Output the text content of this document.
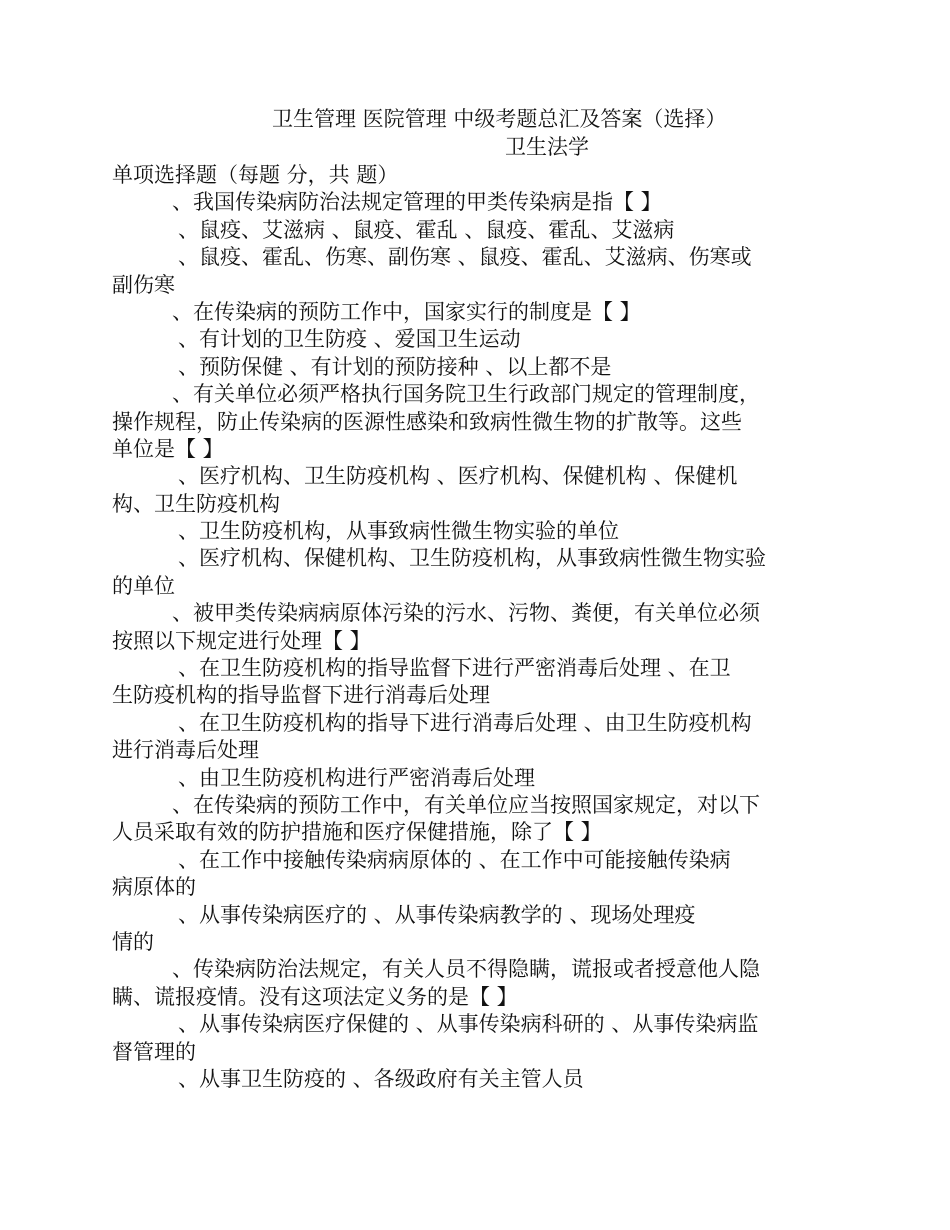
卫生管理 医院管理 中级考题总汇及答案（选择）
卫生法学
单项选择题（每题 分，共 题）
、我国传染病防治法规定管理的甲类传染病是指【 】
、鼠疫、艾滋病 、鼠疫、霍乱 、鼠疫、霍乱、艾滋病
、鼠疫、霍乱、伤寒、副伤寒 、鼠疫、霍乱、艾滋病、伤寒或
副伤寒
、在传染病的预防工作中，国家实行的制度是【 】
、有计划的卫生防疫 、爱国卫生运动
、预防保健 、有计划的预防接种 、以上都不是
、有关单位必须严格执行国务院卫生行政部门规定的管理制度，
操作规程，防止传染病的医源性感染和致病性微生物的扩散等。这些
单位是【 】
、医疗机构、卫生防疫机构 、医疗机构、保健机构 、保健机
构、卫生防疫机构
、卫生防疫机构，从事致病性微生物实验的单位
、医疗机构、保健机构、卫生防疫机构，从事致病性微生物实验
的单位
、被甲类传染病病原体污染的污水、污物、粪便，有关单位必须
按照以下规定进行处理【 】
、在卫生防疫机构的指导监督下进行严密消毒后处理 、在卫
生防疫机构的指导监督下进行消毒后处理
、在卫生防疫机构的指导下进行消毒后处理 、由卫生防疫机构
进行消毒后处理
、由卫生防疫机构进行严密消毒后处理
、在传染病的预防工作中，有关单位应当按照国家规定，对以下
人员采取有效的防护措施和医疗保健措施，除了【 】
、在工作中接触传染病病原体的 、在工作中可能接触传染病
病原体的
、从事传染病医疗的 、从事传染病教学的 、现场处理疫
情的
、传染病防治法规定，有关人员不得隐瞒，谎报或者授意他人隐
瞒、谎报疫情。没有这项法定义务的是【 】
、从事传染病医疗保健的 、从事传染病科研的 、从事传染病监
督管理的
、从事卫生防疫的 、各级政府有关主管人员
